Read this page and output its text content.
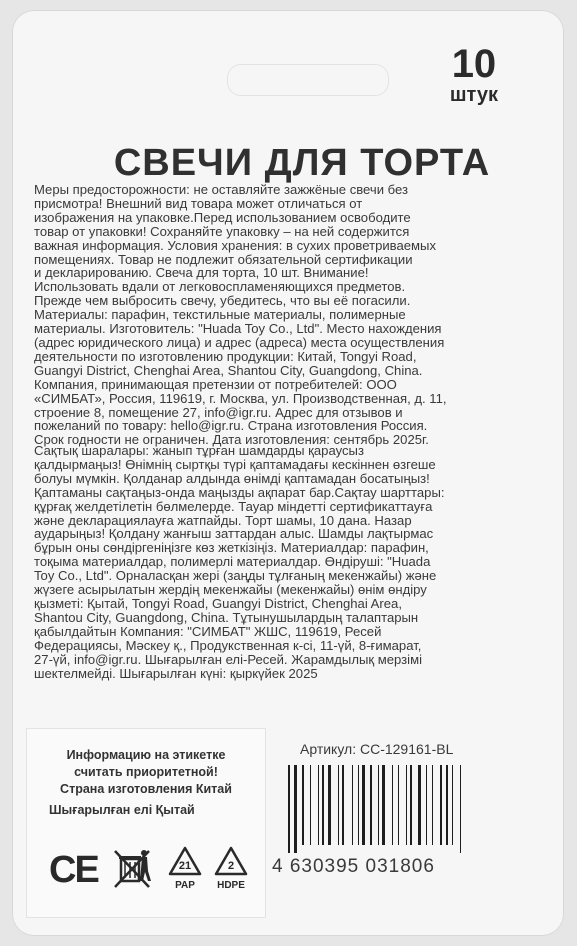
10
штук
СВЕЧИ ДЛЯ ТОРТА
Меры предосторожности: не оставляйте зажжёные свечи без
присмотра! Внешний вид товара может отличаться от
изображения на упаковке.Перед использованием освободите
товар от упаковки! Сохраняйте упаковку – на ней содержится
важная информация. Условия хранения: в сухих проветриваемых
помещениях. Товар не подлежит обязательной сертификации
и декларированию. Свеча для торта, 10 шт. Внимание!
Использовать вдали от легковоспламеняющихся предметов.
Прежде чем выбросить свечу, убедитесь, что вы её погасили.
Материалы: парафин, текстильные материалы, полимерные
материалы. Изготовитель: "Huada Toy Co., Ltd". Место нахождения
(адрес юридического лица) и адрес (адреса) места осуществления
деятельности по изготовлению продукции: Китай, Tongyi Road,
Guangyi District, Chenghai Area, Shantou City, Guangdong, China.
Компания, принимающая претензии от потребителей: ООО
«СИМБАТ», Россия, 119619, г. Москва, ул. Производственная, д. 11,
строение 8, помещение 27, info@igr.ru. Адрес для отзывов и
пожеланий по товару: hello@igr.ru. Страна изготовления Россия.
Срок годности не ограничен. Дата изготовления: сентябрь 2025г.
Сақтық шаралары: жанып тұрған шамдарды қараусыз
қалдырмаңыз! Өнімнің сыртқы түрі қаптамадағы кескіннен өзгеше
болуы мүмкін. Қолданар алдында өнімді қаптамадан босатыңыз!
Қаптаманы сақтаңыз-онда маңызды ақпарат бар.Сақтау шарттары:
құрғақ желдетілетін бөлмелерде. Тауар міндетті сертификаттауға
және декларациялауға жатпайды. Торт шамы, 10 дана. Назар
аударыңыз! Қолдану жанғыш заттардан алыс. Шамды лақтырмас
бұрын оны сөндіргеніңізге көз жеткізіңіз. Материалдар: парафин,
тоқыма материалдар, полимерлі материалдар. Өндіруші: "Huada
Toy Co., Ltd". Орналасқан жері (заңды тұлғаның мекенжайы) және
жүзеге асырылатын жердің мекенжайы (мекенжайы) өнім өндіру
қызметі: Қытай, Tongyi Road, Guangyi District, Chenghai Area,
Shantou City, Guangdong, China. Тұтынушылардың талаптарын
қабылдайтын Компания: "СИМБАТ" ЖШС, 119619, Ресей
Федерациясы, Мәскеу қ., Продукственная к-сі, 11-үй, 8-ғимарат,
27-үй, info@igr.ru. Шығарылған елі-Ресей. Жарамдылық мерзімі
шектелмейді. Шығарылған күні: қыркүйек 2025
Информацию на этикетке
считать приоритетной!
Страна изготовления Китай
Шығарылған елі Қытай
CE	21
PAP
2
HDPE
Артикул: СС-129161-BL
4 630395 031806
